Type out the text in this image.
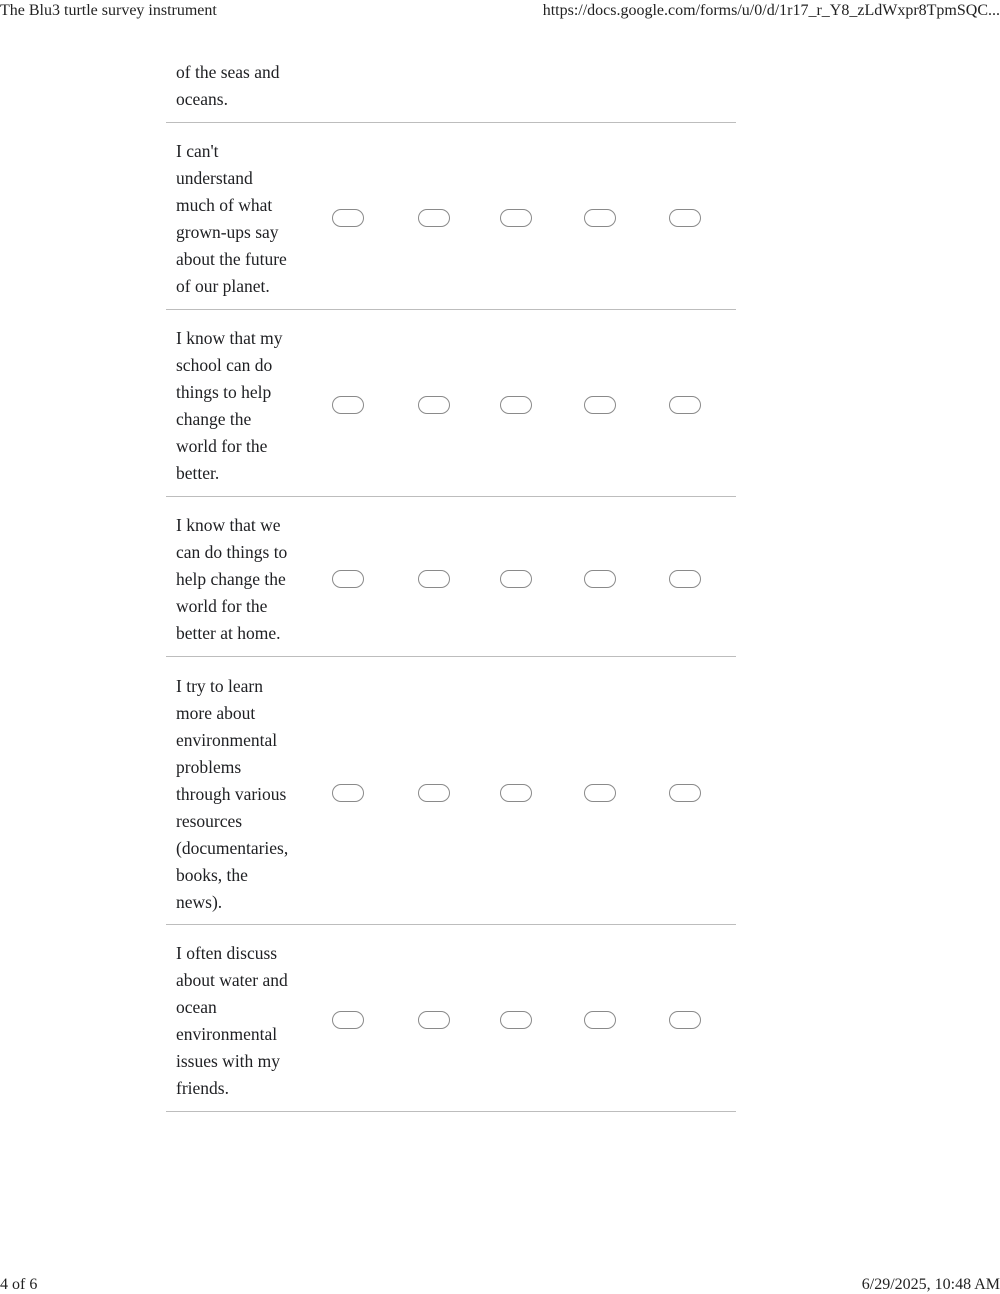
The Blu3 turtle survey instrument	https://docs.google.com/forms/u/0/d/1r17_r_Y8_zLdWxpr8TpmSQC...
of the seas and
oceans.
I can't
understand
much of what
grown-ups say
about the future
of our planet.
I know that my
school can do
things to help
change the
world for the
better.
I know that we
can do things to
help change the
world for the
better at home.
I try to learn
more about
environmental
problems
through various
resources
(documentaries,
books, the
news).
I often discuss
about water and
ocean
environmental
issues with my
friends.
4 of 6	6/29/2025, 10:48 AM
